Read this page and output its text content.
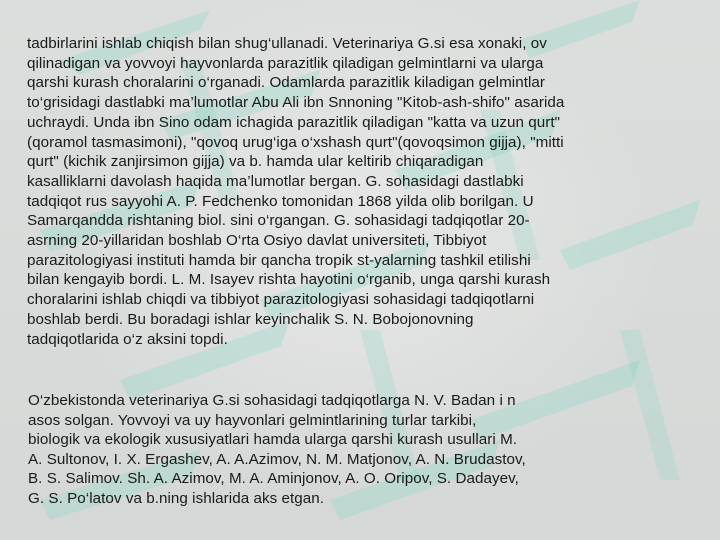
tadbirlarini ishlab chiqish bilan shug‘ullanadi. Veterinariya G.si esa xonaki, ov
qilinadigan va yovvoyi hayvonlarda parazitlik qiladigan gelmintlarni va ularga
qarshi kurash choralarini o‘rganadi. Odamlarda parazitlik kiladigan gelmintlar
to‘grisidagi dastlabki ma’lumotlar Abu Ali ibn Snnoning "Kitob-ash-shifo" asarida
uchraydi. Unda ibn Sino odam ichagida parazitlik qiladigan "katta va uzun qurt"
(qoramol tasmasimoni), "qovoq urug‘iga o‘xshash qurt"(qovoqsimon gijja), "mitti
qurt" (kichik zanjirsimon gijja) va b. hamda ular keltirib chiqaradigan
kasalliklarni davolash haqida ma’lumotlar bergan. G. sohasidagi dastlabki
tadqiqot rus sayyohi A. P. Fedchenko tomonidan 1868 yilda olib borilgan. U
Samarqandda rishtaning biol. sini o‘rgangan. G. sohasidagi tadqiqotlar 20-
asrning 20-yillaridan boshlab O‘rta Osiyo davlat universiteti, Tibbiyot
parazitologiyasi instituti hamda bir qancha tropik st-yalarning tashkil etilishi
bilan kengayib bordi. L. M. Isayev rishta hayotini o‘rganib, unga qarshi kurash
choralarini ishlab chiqdi va tibbiyot parazitologiyasi sohasidagi tadqiqotlarni
boshlab berdi. Bu boradagi ishlar keyinchalik S. N. Bobojonovning
tadqiqotlarida o‘z aksini topdi.
O‘zbekistonda veterinariya G.si sohasidagi tadqiqotlarga N. V. Badan i n
asos solgan. Yovvoyi va uy hayvonlari gelmintlarining turlar tarkibi,
biologik va ekologik xususiyatlari hamda ularga qarshi kurash usullari M.
A. Sultonov, I. X. Ergashev, A. A.Azimov, N. M. Matjonov, A. N. Brudastov,
B. S. Salimov. Sh. A. Azimov, M. A. Aminjonov, A. O. Oripov, S. Dadayev,
G. S. Po‘latov va b.ning ishlarida aks etgan.
